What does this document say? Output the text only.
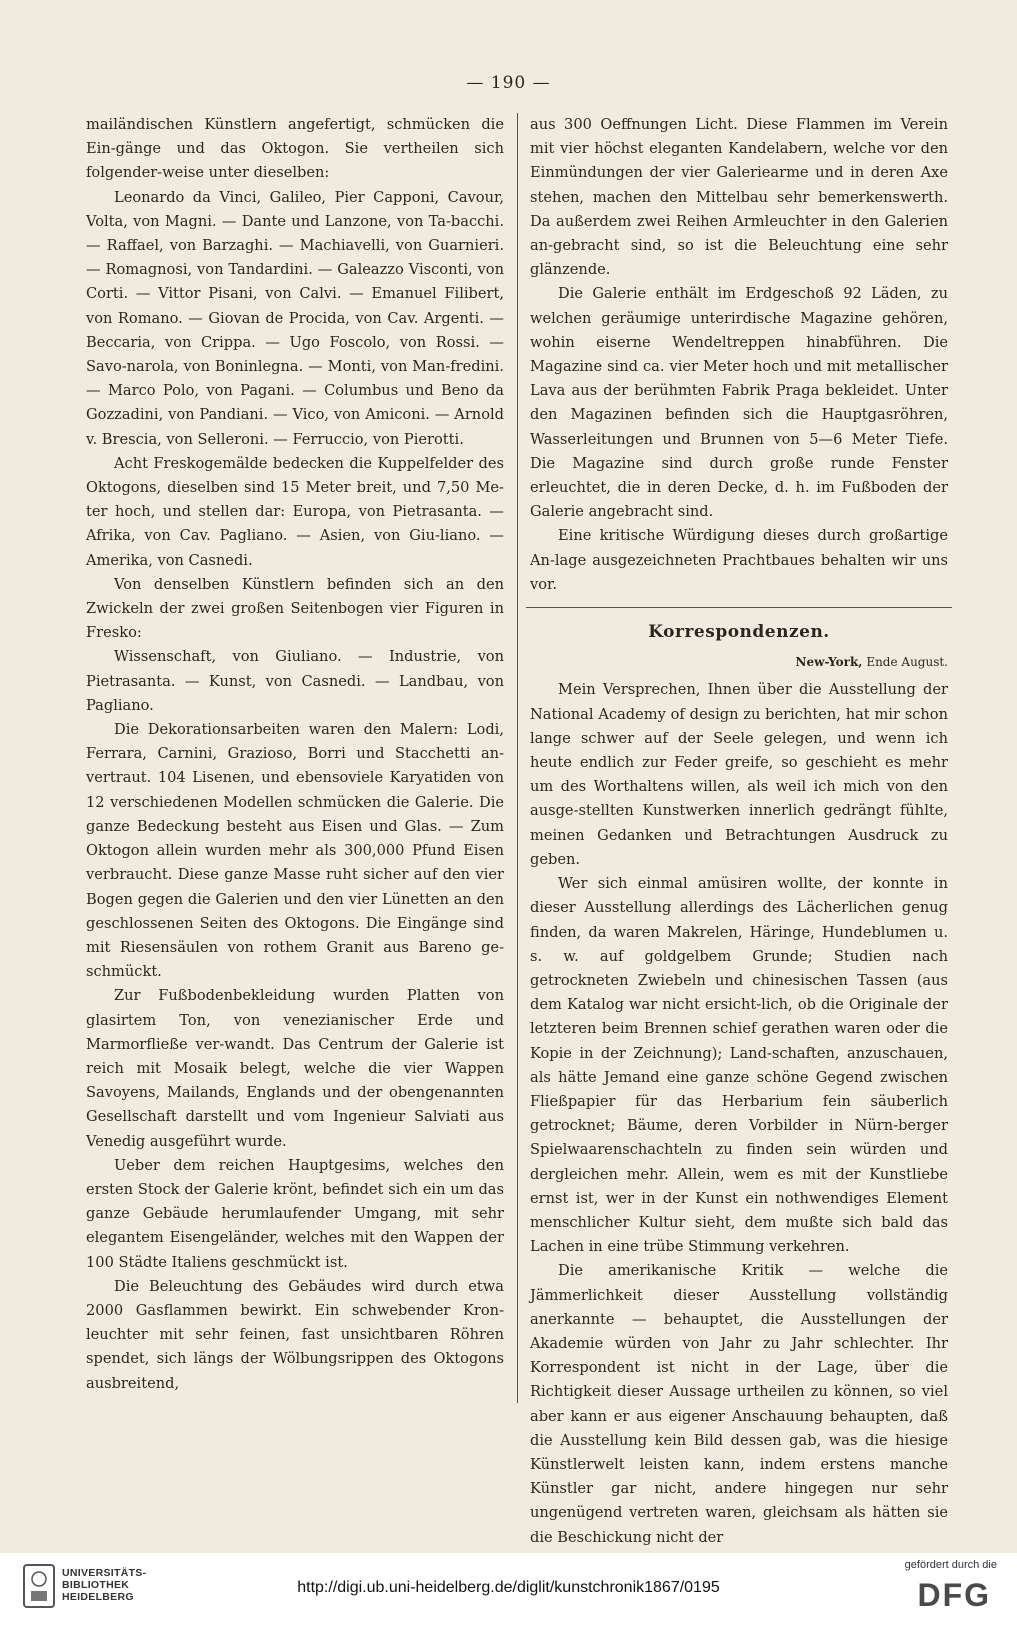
— 190 —

mailändischen Künstlern angefertigt, schmücken die Ein-gänge und das Oktogon. Sie vertheilen sich folgender-weise unter dieselben:

Leonardo da Vinci, Galileo, Pier Capponi, Cavour, Volta, von Magni. — Dante und Lanzone, von Ta-bacchi. — Raffael, von Barzaghi. — Machiavelli, von Guarnieri. — Romagnosi, von Tandardini. — Galeazzo Visconti, von Corti. — Vittor Pisani, von Calvi. — Emanuel Filibert, von Romano. — Giovan de Procida, von Cav. Argenti. — Beccaria, von Crippa. — Ugo Foscolo, von Rossi. — Savo-narola, von Boninlegna. — Monti, von Man-fredini. — Marco Polo, von Pagani. — Columbus und Beno da Gozzadini, von Pandiani. — Vico, von Amiconi. — Arnold v. Brescia, von Selleroni. — Ferruccio, von Pierotti.

Acht Freskogemälde bedecken die Kuppelfelder des Oktogons, dieselben sind 15 Meter breit, und 7,50 Me-ter hoch, und stellen dar: Europa, von Pietrasanta. — Afrika, von Cav. Pagliano. — Asien, von Giu-liano. — Amerika, von Casnedi.

Von denselben Künstlern befinden sich an den Zwickeln der zwei großen Seitenbogen vier Figuren in Fresko:

Wissenschaft, von Giuliano. — Industrie, von Pietrasanta. — Kunst, von Casnedi. — Landbau, von Pagliano.

Die Dekorationsarbeiten waren den Malern: Lodi, Ferrara, Carnini, Grazioso, Borri und Stacchetti an-vertraut. 104 Lisenen, und ebensoviele Karyatiden von 12 verschiedenen Modellen schmücken die Galerie. Die ganze Bedeckung besteht aus Eisen und Glas. — Zum Oktogon allein wurden mehr als 300,000 Pfund Eisen verbraucht. Diese ganze Masse ruht sicher auf den vier Bogen gegen die Galerien und den vier Lünetten an den geschlossenen Seiten des Oktogons. Die Eingänge sind mit Riesensäulen von rothem Granit aus Bareno ge-schmückt.

Zur Fußbodenbekleidung wurden Platten von glasirtem Ton, von venezianischer Erde und Marmorfließe ver-wandt. Das Centrum der Galerie ist reich mit Mosaik belegt, welche die vier Wappen Savoyens, Mailands, Englands und der obengenannten Gesellschaft darstellt und vom Ingenieur Salviati aus Venedig ausgeführt wurde.

Ueber dem reichen Hauptgesims, welches den ersten Stock der Galerie krönt, befindet sich ein um das ganze Gebäude herumlaufender Umgang, mit sehr elegantem Eisengeländer, welches mit den Wappen der 100 Städte Italiens geschmückt ist.

Die Beleuchtung des Gebäudes wird durch etwa 2000 Gasflammen bewirkt. Ein schwebender Kron-leuchter mit sehr feinen, fast unsichtbaren Röhren spendet, sich längs der Wölbungsrippen des Oktogons ausbreitend,

aus 300 Oeffnungen Licht. Diese Flammen im Verein mit vier höchst eleganten Kandelabern, welche vor den Einmündungen der vier Galeriearme und in deren Axe stehen, machen den Mittelbau sehr bemerkenswerth. Da außerdem zwei Reihen Armleuchter in den Galerien an-gebracht sind, so ist die Beleuchtung eine sehr glänzende.

Die Galerie enthält im Erdgeschoß 92 Läden, zu welchen geräumige unterirdische Magazine gehören, wohin eiserne Wendeltreppen hinabführen. Die Magazine sind ca. vier Meter hoch und mit metallischer Lava aus der berühmten Fabrik Praga bekleidet. Unter den Magazinen befinden sich die Hauptgasröhren, Wasserleitungen und Brunnen von 5—6 Meter Tiefe. Die Magazine sind durch große runde Fenster erleuchtet, die in deren Decke, d. h. im Fußboden der Galerie angebracht sind.

Eine kritische Würdigung dieses durch großartige An-lage ausgezeichneten Prachtbaues behalten wir uns vor.

Korrespondenzen.
New-York, Ende August.

Mein Versprechen, Ihnen über die Ausstellung der National Academy of design zu berichten, hat mir schon lange schwer auf der Seele gelegen, und wenn ich heute endlich zur Feder greife, so geschieht es mehr um des Worthaltens willen, als weil ich mich von den ausge-stellten Kunstwerken innerlich gedrängt fühlte, meinen Gedanken und Betrachtungen Ausdruck zu geben.

Wer sich einmal amüsiren wollte, der konnte in dieser Ausstellung allerdings des Lächerlichen genug finden, da waren Makrelen, Häringe, Hundeblumen u. s. w. auf goldgelbem Grunde; Studien nach getrockneten Zwiebeln und chinesischen Tassen (aus dem Katalog war nicht ersicht-lich, ob die Originale der letzteren beim Brennen schief gerathen waren oder die Kopie in der Zeichnung); Land-schaften, anzuschauen, als hätte Jemand eine ganze schöne Gegend zwischen Fließpapier für das Herbarium fein säuberlich getrocknet; Bäume, deren Vorbilder in Nürn-berger Spielwaarenschachteln zu finden sein würden und dergleichen mehr. Allein, wem es mit der Kunstliebe ernst ist, wer in der Kunst ein nothwendiges Element menschlicher Kultur sieht, dem mußte sich bald das Lachen in eine trübe Stimmung verkehren.

Die amerikanische Kritik — welche die Jämmerlichkeit dieser Ausstellung vollständig anerkannte — behauptet, die Ausstellungen der Akademie würden von Jahr zu Jahr schlechter. Ihr Korrespondent ist nicht in der Lage, über die Richtigkeit dieser Aussage urtheilen zu können, so viel aber kann er aus eigener Anschauung behaupten, daß die Ausstellung kein Bild dessen gab, was die hiesige Künstlerwelt leisten kann, indem erstens manche Künstler gar nicht, andere hingegen nur sehr ungenügend vertreten waren, gleichsam als hätten sie die Beschickung nicht der

UNIVERSITÄTS-
BIBLIOTHEK
HEIDELBERG
http://digi.ub.uni-heidelberg.de/diglit/kunstchronik1867/0195
gefördert durch die
DFG
